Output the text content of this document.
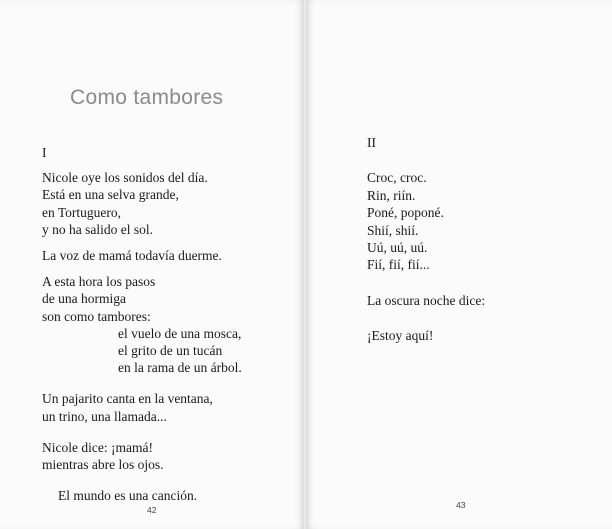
Como tambores

I

Nicole oye los sonidos del día.

Está en una selva grande,

en Tortuguero,

y no ha salido el sol.

La voz de mamá todavía duerme.

A esta hora los pasos

de una hormiga

son como tambores:

el vuelo de una mosca,

el grito de un tucán

en la rama de un árbol.

Un pajarito canta en la ventana,

un trino, una llamada...

Nicole dice: ¡mamá!

mientras abre los ojos.

El mundo es una canción.

42

II

Croc, croc.

Rin, riín.

Poné, poponé.

Shií, shií.

Uú, uú, uú.

Fií, fií, fií...

La oscura noche dice:

¡Estoy aquí!

43
